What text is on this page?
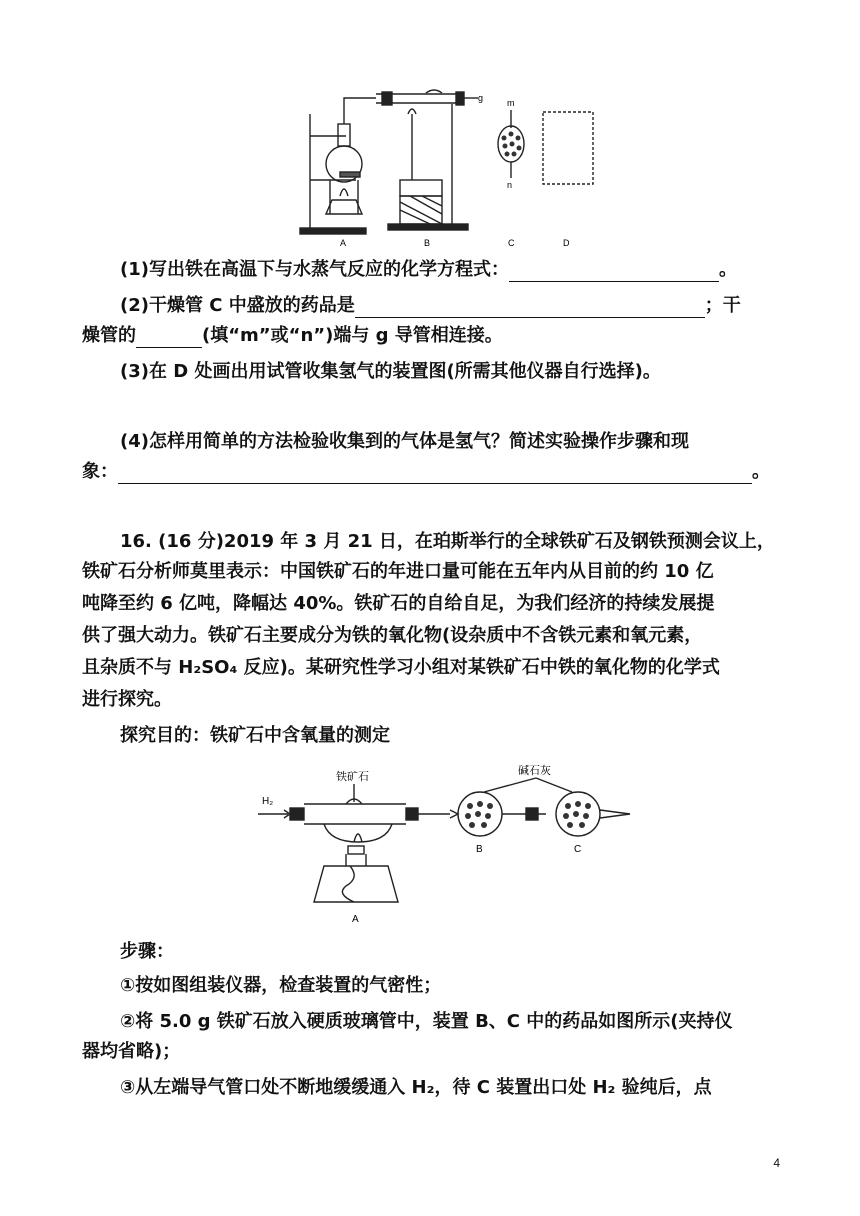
g	m
n
A	B	C	D
(1)写出铁在高温下与水蒸气反应的化学方程式：	。
(2)干燥管 C 中盛放的药品是	；干
燥管的	(填“m”或“n”)端与 g 导管相连接。
(3)在 D 处画出用试管收集氢气的装置图(所需其他仪器自行选择)。
(4)怎样用简单的方法检验收集到的气体是氢气？简述实验操作步骤和现
象：	。
16. (16 分)2019 年 3 月 21 日，在珀斯举行的全球铁矿石及钢铁预测会议上，
铁矿石分析师莫里表示：中国铁矿石的年进口量可能在五年内从目前的约 10 亿
吨降至约 6 亿吨，降幅达 40%。铁矿石的自给自足，为我们经济的持续发展提
供了强大动力。铁矿石主要成分为铁的氧化物(设杂质中不含铁元素和氧元素，
且杂质不与 H₂SO₄ 反应)。某研究性学习小组对某铁矿石中铁的氧化物的化学式
进行探究。
探究目的：铁矿石中含氧量的测定
H₂
铁矿石	碱石灰
A
B	C
步骤：
①按如图组装仪器，检查装置的气密性；
②将 5.0 g 铁矿石放入硬质玻璃管中，装置 B、C 中的药品如图所示(夹持仪
器均省略)；
③从左端导气管口处不断地缓缓通入 H₂，待 C 装置出口处 H₂ 验纯后，点
4
